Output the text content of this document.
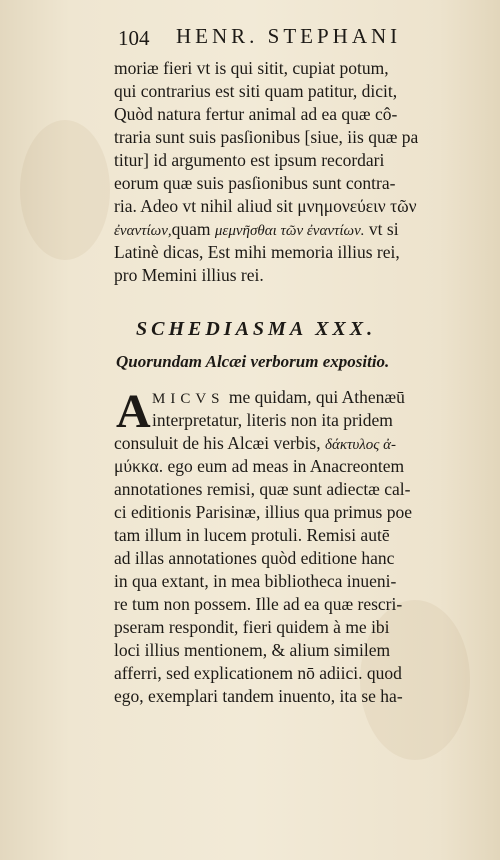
104 HENR. STEPHANI
moriæ fieri vt is qui sitit, cupiat potum,
qui contrarius est siti quam patitur, dicit,
Quòd natura fertur animal ad ea quæ cô-
traria sunt suis pasſionibus [siue, iis quæ pa
titur] id argumento est ipsum recordari
eorum quæ suis pasſionibus sunt contra-
ria. Adeo vt nihil aliud sit μνημονεύειν τῶν
ἐναντίων,quam μεμνῆσθαι τῶν ἐναντίων. vt si
Latinè dicas, Est mihi memoria illius rei,
pro Memini illius rei.
SCHEDIASMA XXX.
Quorundam Alcæi verborum expositio.
A MICVS me quidam, qui Athenæū
interpretatur, literis non ita pridem
consuluit de his Alcæi verbis, δάκτυλος ἀ-
μύκκα. ego eum ad meas in Anacreontem
annotationes remisi, quæ sunt adiectæ cal-
ci editionis Parisinæ, illius qua primus poe
tam illum in lucem protuli. Remisi autē
ad illas annotationes quòd editione hanc
in qua extant, in mea bibliotheca inueni-
re tum non possem. Ille ad ea quæ rescri-
pseram respondit, fieri quidem à me ibi
loci illius mentionem, & alium similem
afferri, sed explicationem nō adiici. quod
ego, exemplari tandem inuento, ita se ha-
